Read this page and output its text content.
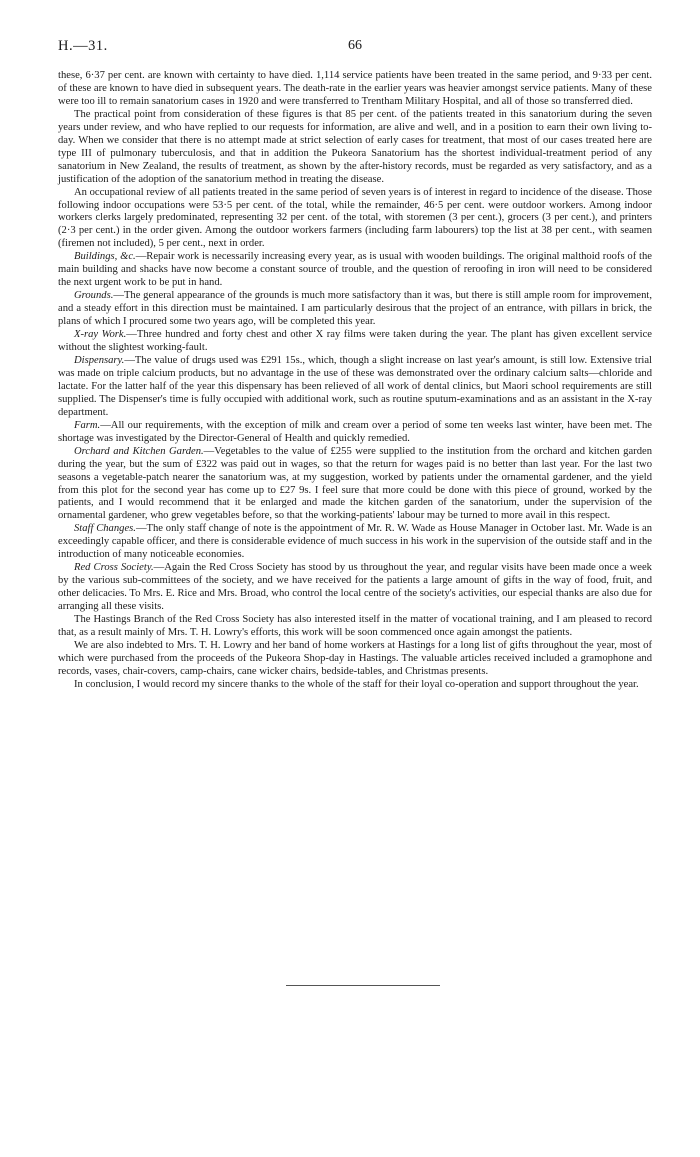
H.—31.	66

these, 6·37 per cent. are known with certainty to have died. 1,114 service patients have been treated in the same period, and 9·33 per cent. of these are known to have died in subsequent years. The death-rate in the earlier years was heavier amongst service patients. Many of these were too ill to remain sanatorium cases in 1920 and were transferred to Trentham Military Hospital, and all of those so transferred died.

The practical point from consideration of these figures is that 85 per cent. of the patients treated in this sanatorium during the seven years under review, and who have replied to our requests for information, are alive and well, and in a position to earn their own living to-day. When we consider that there is no attempt made at strict selection of early cases for treatment, that most of our cases treated here are type III of pulmonary tuberculosis, and that in addition the Pukeora Sanatorium has the shortest individual-treatment period of any sanatorium in New Zealand, the results of treatment, as shown by the after-history records, must be regarded as very satisfactory, and as a justification of the adoption of the sanatorium method in treating the disease.

An occupational review of all patients treated in the same period of seven years is of interest in regard to incidence of the disease. Those following indoor occupations were 53·5 per cent. of the total, while the remainder, 46·5 per cent. were outdoor workers. Among indoor workers clerks largely predominated, representing 32 per cent. of the total, with storemen (3 per cent.), grocers (3 per cent.), and printers (2·3 per cent.) in the order given. Among the outdoor workers farmers (including farm labourers) top the list at 38 per cent., with seamen (firemen not included), 5 per cent., next in order.

Buildings, &c.—Repair work is necessarily increasing every year, as is usual with wooden buildings. The original malthoid roofs of the main building and shacks have now become a constant source of trouble, and the question of reroofing in iron will need to be considered the next urgent work to be put in hand.

Grounds.—The general appearance of the grounds is much more satisfactory than it was, but there is still ample room for improvement, and a steady effort in this direction must be maintained. I am particularly desirous that the project of an entrance, with pillars in brick, the plans of which I procured some two years ago, will be completed this year.

X-ray Work.—Three hundred and forty chest and other X ray films were taken during the year. The plant has given excellent service without the slightest working-fault.

Dispensary.—The value of drugs used was £291 15s., which, though a slight increase on last year's amount, is still low. Extensive trial was made on triple calcium products, but no advantage in the use of these was demonstrated over the ordinary calcium salts—chloride and lactate. For the latter half of the year this dispensary has been relieved of all work of dental clinics, but Maori school requirements are still supplied. The Dispenser's time is fully occupied with additional work, such as routine sputum-examinations and as an assistant in the X-ray department.

Farm.—All our requirements, with the exception of milk and cream over a period of some ten weeks last winter, have been met. The shortage was investigated by the Director-General of Health and quickly remedied.

Orchard and Kitchen Garden.—Vegetables to the value of £255 were supplied to the institution from the orchard and kitchen garden during the year, but the sum of £322 was paid out in wages, so that the return for wages paid is no better than last year. For the last two seasons a vegetable-patch nearer the sanatorium was, at my suggestion, worked by patients under the ornamental gardener, and the yield from this plot for the second year has come up to £27 9s. I feel sure that more could be done with this piece of ground, worked by the patients, and I would recommend that it be enlarged and made the kitchen garden of the sanatorium, under the supervision of the ornamental gardener, who grew vegetables before, so that the working-patients' labour may be turned to more avail in this respect.

Staff Changes.—The only staff change of note is the appointment of Mr. R. W. Wade as House Manager in October last. Mr. Wade is an exceedingly capable officer, and there is considerable evidence of much success in his work in the supervision of the outside staff and in the introduction of many noticeable economies.

Red Cross Society.—Again the Red Cross Society has stood by us throughout the year, and regular visits have been made once a week by the various sub-committees of the society, and we have received for the patients a large amount of gifts in the way of food, fruit, and other delicacies. To Mrs. E. Rice and Mrs. Broad, who control the local centre of the society's activities, our especial thanks are also due for arranging all these visits.

The Hastings Branch of the Red Cross Society has also interested itself in the matter of vocational training, and I am pleased to record that, as a result mainly of Mrs. T. H. Lowry's efforts, this work will be soon commenced once again amongst the patients.

We are also indebted to Mrs. T. H. Lowry and her band of home workers at Hastings for a long list of gifts throughout the year, most of which were purchased from the proceeds of the Pukeora Shop-day in Hastings. The valuable articles received included a gramophone and records, vases, chair-covers, camp-chairs, cane wicker chairs, bedside-tables, and Christmas presents.

In conclusion, I would record my sincere thanks to the whole of the staff for their loyal co-operation and support throughout the year.
